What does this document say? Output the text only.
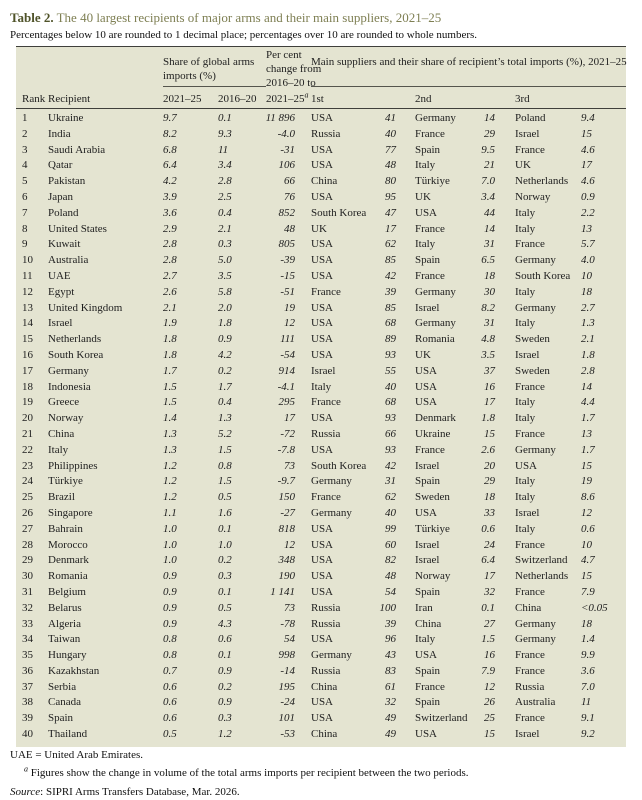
Table 2. The 40 largest recipients of major arms and their main suppliers, 2021–25
Percentages below 10 are rounded to 1 decimal place; percentages over 10 are rounded to whole numbers.
Share of global arms imports (%)
Per cent
change from
2016–20 to
Main suppliers and their share of recipient’s total imports (%), 2021–25
Rank Recipient	2021–25 2016–20 2021–25$^a$ 1st	2nd	3rd
1	Ukraine	9.7	0.1	11 896	USA	41	Germany	14	Poland	9.4
2	India	8.2	9.3	-4.0	Russia	40	France	29	Israel	15
3	Saudi Arabia	6.8	11	-31	USA	77	Spain	9.5	France	4.6
4	Qatar	6.4	3.4	106	USA	48	Italy	21	UK	17
5	Pakistan	4.2	2.8	66	China	80	Türkiye	7.0	Netherlands	4.6
6	Japan	3.9	2.5	76	USA	95	UK	3.4	Norway	0.9
7	Poland	3.6	0.4	852	South Korea	47	USA	44	Italy	2.2
8	United States	2.9	2.1	48	UK	17	France	14	Italy	13
9	Kuwait	2.8	0.3	805	USA	62	Italy	31	France	5.7
10	Australia	2.8	5.0	-39	USA	85	Spain	6.5	Germany	4.0
11	UAE	2.7	3.5	-15	USA	42	France	18	South Korea 10
12	Egypt	2.6	5.8	-51	France	39	Germany	30	Italy	18
13	United Kingdom	2.1	2.0	19	USA	85	Israel	8.2	Germany	2.7
14	Israel	1.9	1.8	12	USA	68	Germany	31	Italy	1.3
15	Netherlands	1.8	0.9	111	USA	89	Romania	4.8	Sweden	2.1
16	South Korea	1.8	4.2	-54	USA	93	UK	3.5	Israel	1.8
17	Germany	1.7	0.2	914	Israel	55	USA	37	Sweden	2.8
18	Indonesia	1.5	1.7	-4.1	Italy	40	USA	16	France	14
19	Greece	1.5	0.4	295	France	68	USA	17	Italy	4.4
20	Norway	1.4	1.3	17	USA	93	Denmark	1.8	Italy	1.7
21	China	1.3	5.2	-72	Russia	66	Ukraine	15	France	13
22	Italy	1.3	1.5	-7.8	USA	93	France	2.6	Germany	1.7
23	Philippines	1.2	0.8	73	South Korea	42	Israel	20	USA	15
24	Türkiye	1.2	1.5	-9.7	Germany	31	Spain	29	Italy	19
25	Brazil	1.2	0.5	150	France	62	Sweden	18	Italy	8.6
26	Singapore	1.1	1.6	-27	Germany	40	USA	33	Israel	12
27	Bahrain	1.0	0.1	818	USA	99	Türkiye	0.6	Italy	0.6
28	Morocco	1.0	1.0	12	USA	60	Israel	24	France	10
29	Denmark	1.0	0.2	348	USA	82	Israel	6.4	Switzerland	4.7
30	Romania	0.9	0.3	190	USA	48	Norway	17	Netherlands	15
31	Belgium	0.9	0.1	1 141	USA	54	Spain	32	France	7.9
32	Belarus	0.9	0.5	73	Russia	100	Iran	0.1	China	<0.05
33	Algeria	0.9	4.3	-78	Russia	39	China	27	Germany	18
34	Taiwan	0.8	0.6	54	USA	96	Italy	1.5	Germany	1.4
35	Hungary	0.8	0.1	998	Germany	43	USA	16	France	9.9
36	Kazakhstan	0.7	0.9	-14	Russia	83	Spain	7.9	France	3.6
37	Serbia	0.6	0.2	195	China	61	France	12	Russia	7.0
38	Canada	0.6	0.9	-24	USA	32	Spain	26	Australia	11
39	Spain	0.6	0.3	101	USA	49	Switzerland	25	France	9.1
40	Thailand	0.5	1.2	-53	China	49	USA	15	Israel	9.2
UAE = United Arab Emirates.
$^a$ Figures show the change in volume of the total arms imports per recipient between the two periods.
Source: SIPRI Arms Transfers Database, Mar. 2026.
